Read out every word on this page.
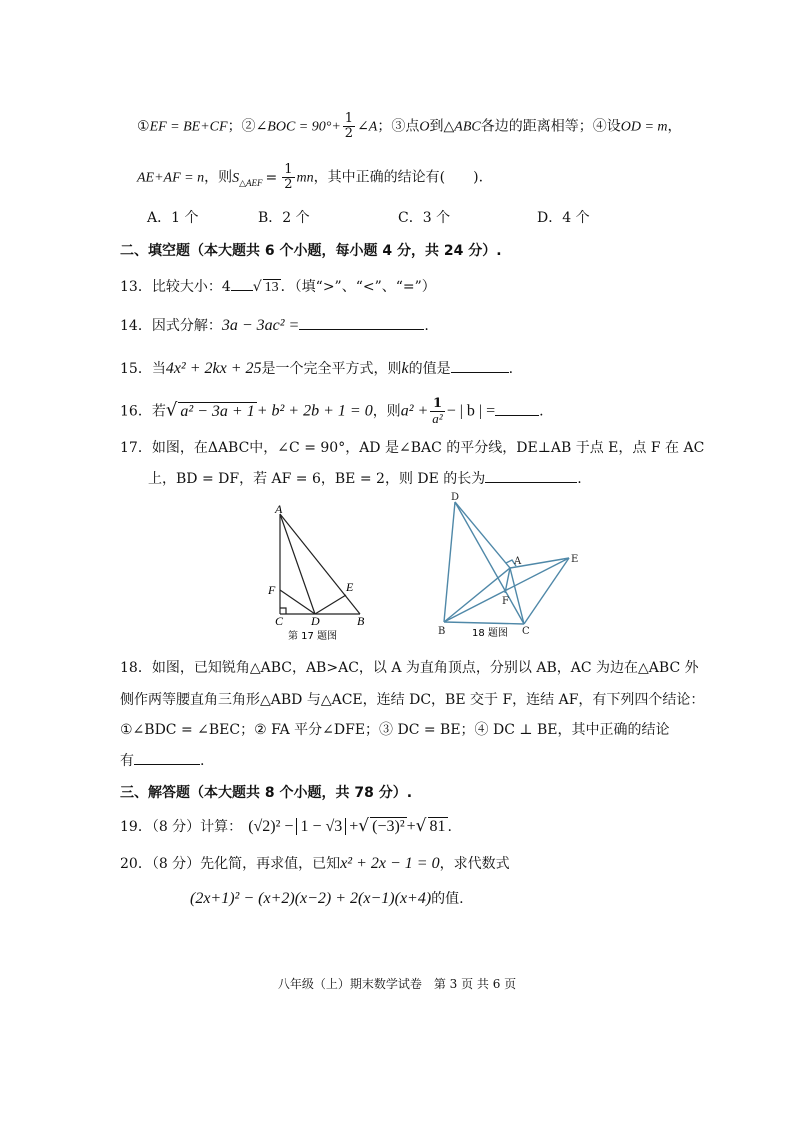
①EF = BE+CF；②∠BOC = $90^\circ+ \frac{1}{2}$ ∠A；③点O到△ABC各边的距离相等；④设OD = m，
AE+AF = n，则$S_{\triangle AEF} = \frac{1}{2}$ mn，其中正确的结论有(　　).
A．1 个	B．2 个	C．3 个	D．4 个
二、填空题（本大题共 6 个小题，每小题 4 分，共 24 分）.
13．比较大小：4 √ 13 ．（填“>”、“<”、“=”）
14．因式分解：3a − 3ac² =	.
15．当4x² + 2kx + 25是一个完全平方式，则k的值是	.
16．若√ a² − 3a + 1 + b² + 2b + 1 = 0，则$a^2 + \frac{1}{\text{a²}}$ − | b | =	.
17．如图，在ΔABC中，∠C = 90°，AD 是∠BAC 的平分线，DE⊥AB 于点 E，点 F 在 AC
上，BD = DF，若 AF = 6，BE = 2，则 DE 的长为	.
A
F	E
C D	B
第 17 题图
D
A	E
F
B	C
18 题图
18．如图，已知锐角△ABC，AB>AC，以 A 为直角顶点，分别以 AB，AC 为边在△ABC 外
侧作两等腰直角三角形△ABD 与△ACE，连结 DC，BE 交于 F，连结 AF，有下列四个结论：
①∠BDC = ∠BEC；② FA 平分∠DFE；③ DC = BE；④ DC ⊥ BE，其中正确的结论
有	.
三、解答题（本大题共 8 个小题，共 78 分）.
19．（8 分）计算： (√2)² − 1 − √3 +√ (−3)² +√ 81 .
20．（8 分）先化简，再求值，已知x² + 2x − 1 = 0，求代数式
(2x+1)² − (x+2)(x−2) + 2(x−1)(x+4)的值.
八年级（上）期末数学试卷　第 3 页 共 6 页
